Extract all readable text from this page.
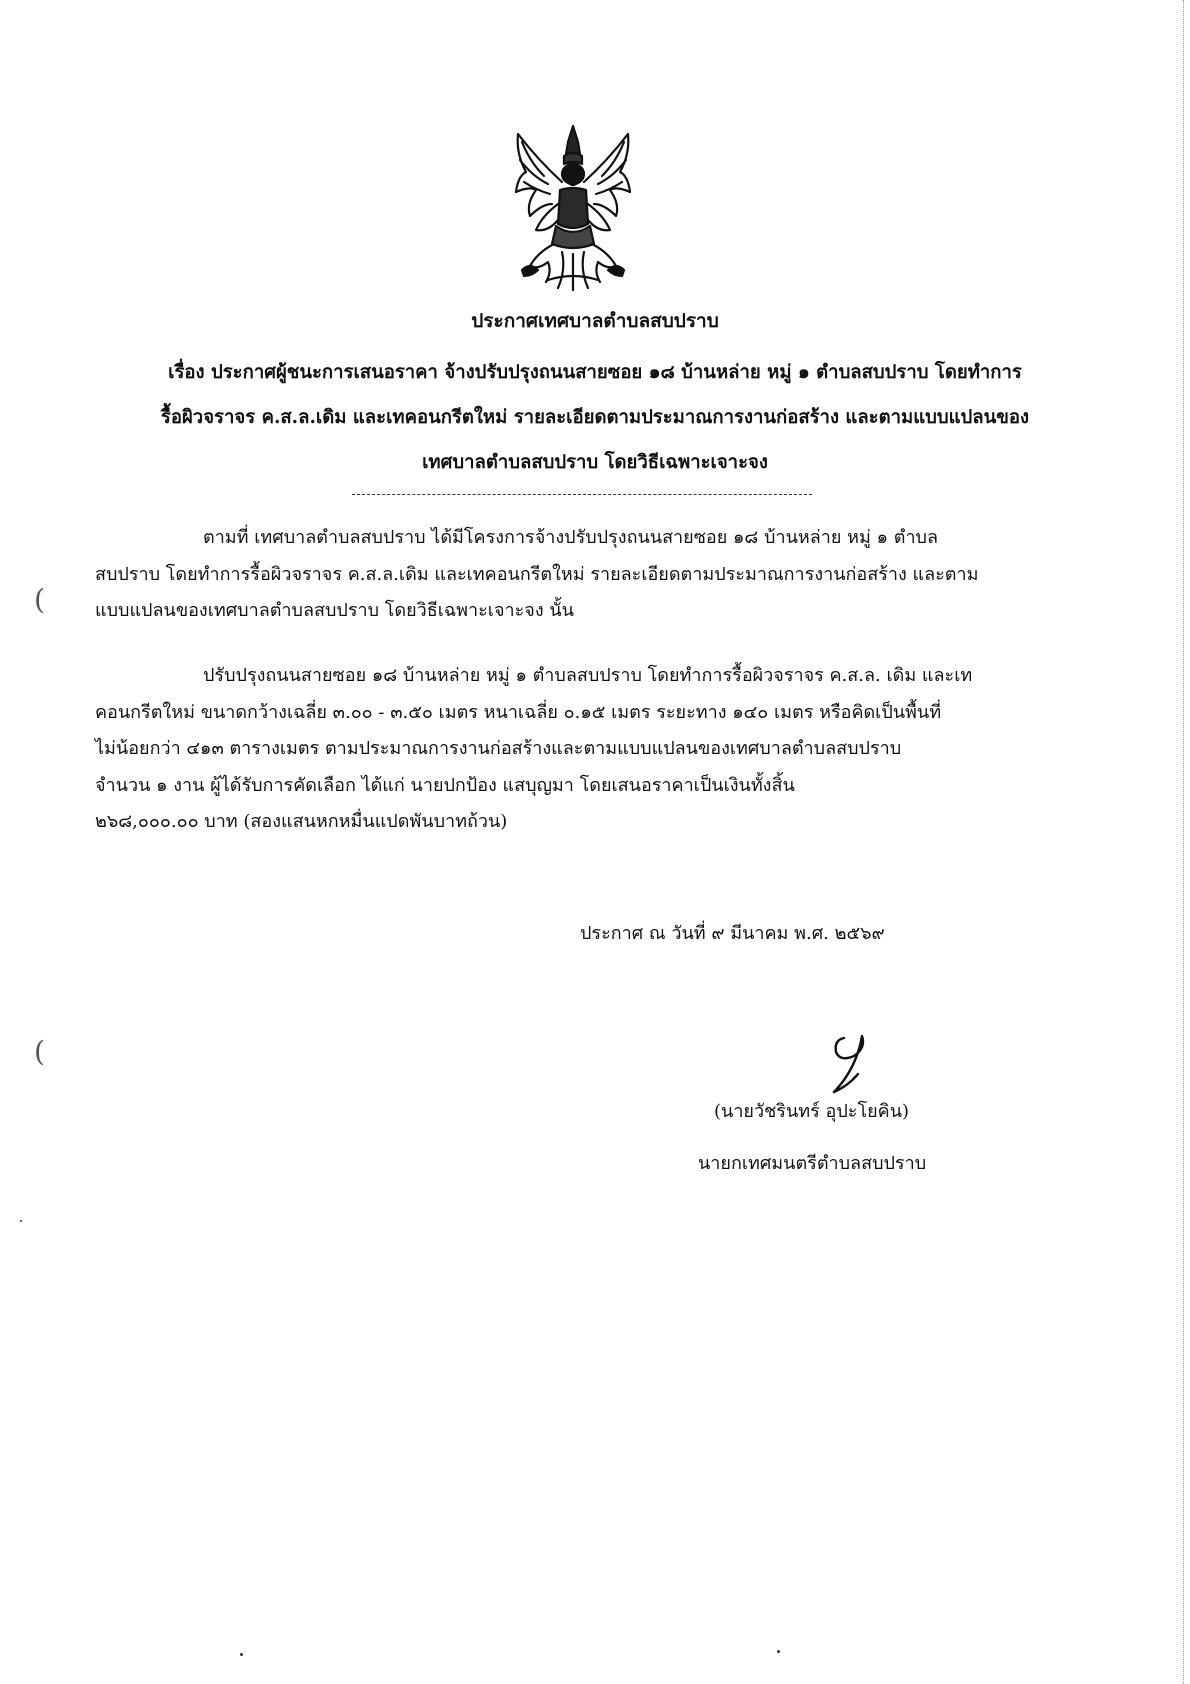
ประกาศเทศบาลตำบลสบปราบ
เรื่อง ประกาศผู้ชนะการเสนอราคา จ้างปรับปรุงถนนสายซอย ๑๘ บ้านหล่าย หมู่ ๑ ตำบลสบปราบ โดยทำการ
รื้อผิวจราจร ค.ส.ล.เดิม และเทคอนกรีตใหม่ รายละเอียดตามประมาณการงานก่อสร้าง และตามแบบแปลนของ
เทศบาลตำบลสบปราบ โดยวิธีเฉพาะเจาะจง
ตามที่ เทศบาลตำบลสบปราบ ได้มีโครงการจ้างปรับปรุงถนนสายซอย ๑๘ บ้านหล่าย หมู่ ๑ ตำบล
สบปราบ โดยทำการรื้อผิวจราจร ค.ส.ล.เดิม และเทคอนกรีตใหม่ รายละเอียดตามประมาณการงานก่อสร้าง และตาม
แบบแปลนของเทศบาลตำบลสบปราบ โดยวิธีเฉพาะเจาะจง นั้น
ปรับปรุงถนนสายซอย ๑๘ บ้านหล่าย หมู่ ๑ ตำบลสบปราบ โดยทำการรื้อผิวจราจร ค.ส.ล. เดิม และเท
คอนกรีตใหม่ ขนาดกว้างเฉลี่ย ๓.๐๐ - ๓.๕๐ เมตร หนาเฉลี่ย ๐.๑๕ เมตร ระยะทาง ๑๔๐ เมตร หรือคิดเป็นพื้นที่
ไม่น้อยกว่า ๔๑๓ ตารางเมตร ตามประมาณการงานก่อสร้างและตามแบบแปลนของเทศบาลตำบลสบปราบ
จำนวน ๑ งาน ผู้ได้รับการคัดเลือก ได้แก่ นายปกป้อง แสบุญมา โดยเสนอราคาเป็นเงินทั้งสิ้น
๒๖๘,๐๐๐.๐๐ บาท (สองแสนหกหมื่นแปดพันบาทถ้วน)
ประกาศ ณ วันที่ ๙ มีนาคม พ.ศ. ๒๕๖๙
(นายวัชรินทร์ อุปะโยคิน)
นายกเทศมนตรีตำบลสบปราบ
(
(
